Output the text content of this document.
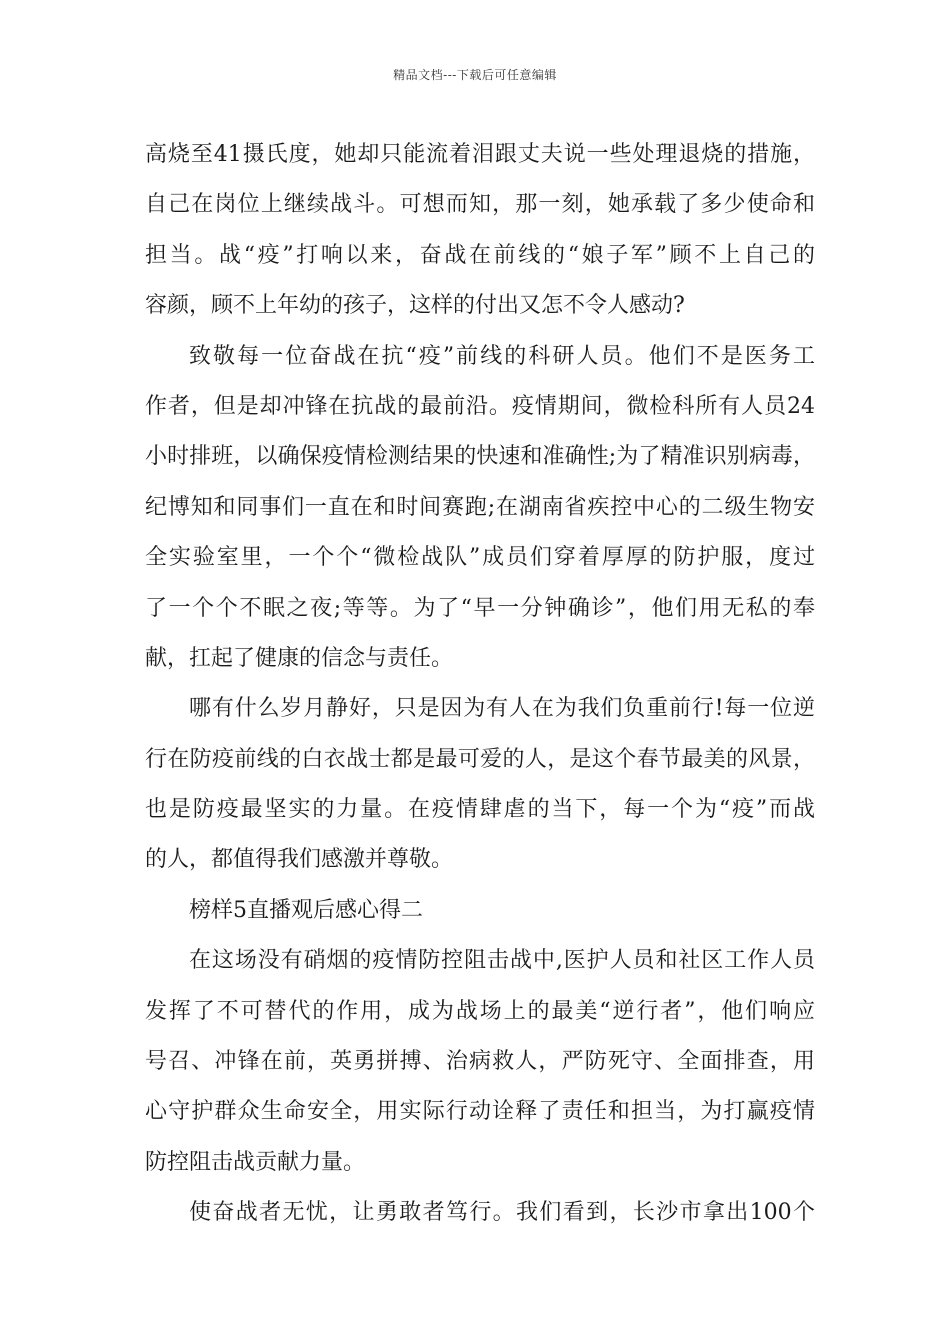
精品文档---下载后可任意编辑
高烧至41摄氏度，她却只能流着泪跟丈夫说一些处理退烧的措施，
自己在岗位上继续战斗。可想而知，那一刻，她承载了多少使命和
担当。战“疫”打响以来，奋战在前线的“娘子军”顾不上自己的
容颜，顾不上年幼的孩子，这样的付出又怎不令人感动?
致敬每一位奋战在抗“疫”前线的科研人员。他们不是医务工
作者，但是却冲锋在抗战的最前沿。疫情期间，微检科所有人员24
小时排班，以确保疫情检测结果的快速和准确性;为了精准识别病毒，
纪博知和同事们一直在和时间赛跑;在湖南省疾控中心的二级生物安
全实验室里，一个个“微检战队”成员们穿着厚厚的防护服，度过
了一个个不眠之夜;等等。为了“早一分钟确诊”，他们用无私的奉
献，扛起了健康的信念与责任。
哪有什么岁月静好，只是因为有人在为我们负重前行!每一位逆
行在防疫前线的白衣战士都是最可爱的人，是这个春节最美的风景，
也是防疫最坚实的力量。在疫情肆虐的当下，每一个为“疫”而战
的人，都值得我们感激并尊敬。
榜样5直播观后感心得二
在这场没有硝烟的疫情防控阻击战中,医护人员和社区工作人员
发挥了不可替代的作用，成为战场上的最美“逆行者”，他们响应
号召、冲锋在前，英勇拼搏、治病救人，严防死守、全面排查，用
心守护群众生命安全，用实际行动诠释了责任和担当，为打赢疫情
防控阻击战贡献力量。
使奋战者无忧，让勇敢者笃行。我们看到，长沙市拿出100个
